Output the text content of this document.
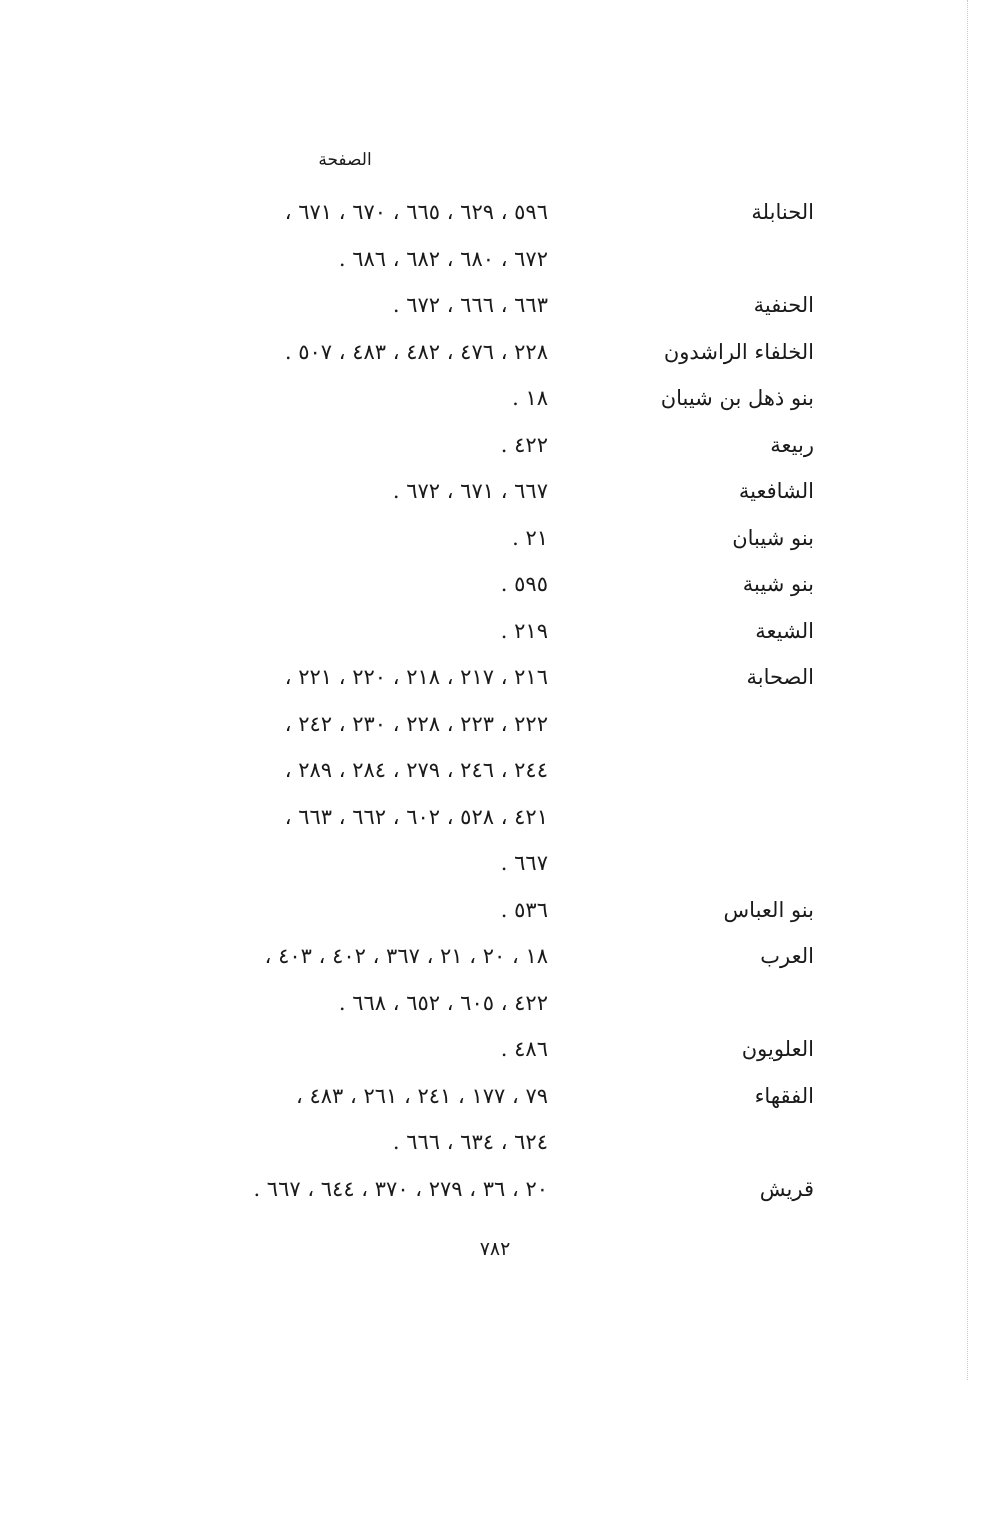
الصفحة
الحنابلة
٥٩٦ ، ٦٢٩ ، ٦٦٥ ، ٦٧٠ ، ٦٧١ ،
٦٧٢ ، ٦٨٠ ، ٦٨٢ ، ٦٨٦ .
الحنفية
٦٦٣ ، ٦٦٦ ، ٦٧٢ .
الخلفاء الراشدون
٢٢٨ ، ٤٧٦ ، ٤٨٢ ، ٤٨٣ ، ٥٠٧ .
بنو ذهل بن شيبان
١٨ .
ربيعة
٤٢٢ .
الشافعية
٦٦٧ ، ٦٧١ ، ٦٧٢ .
بنو شيبان
٢١ .
بنو شيبة
٥٩٥ .
الشيعة
٢١٩ .
الصحابة
٢١٦ ، ٢١٧ ، ٢١٨ ، ٢٢٠ ، ٢٢١ ،
٢٢٢ ، ٢٢٣ ، ٢٢٨ ، ٢٣٠ ، ٢٤٢ ،
٢٤٤ ، ٢٤٦ ، ٢٧٩ ، ٢٨٤ ، ٢٨٩ ،
٤٢١ ، ٥٢٨ ، ٦٠٢ ، ٦٦٢ ، ٦٦٣ ،
٦٦٧ .
بنو العباس
٥٣٦ .
العرب
١٨ ، ٢٠ ، ٢١ ، ٣٦٧ ، ٤٠٢ ، ٤٠٣ ،
٤٢٢ ، ٦٠٥ ، ٦٥٢ ، ٦٦٨ .
العلويون
٤٨٦ .
الفقهاء
٧٩ ، ١٧٧ ، ٢٤١ ، ٢٦١ ، ٤٨٣ ،
٦٢٤ ، ٦٣٤ ، ٦٦٦ .
قريش
٢٠ ، ٣٦ ، ٢٧٩ ، ٣٧٠ ، ٦٤٤ ، ٦٦٧ .
٧٨٢
